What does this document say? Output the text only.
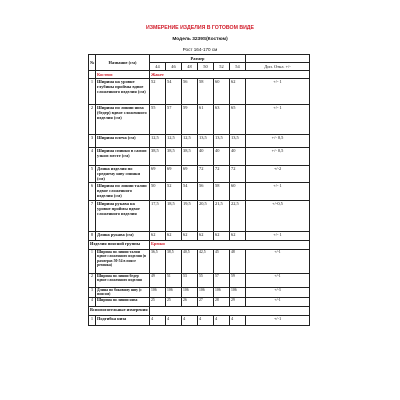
ИЗМЕРЕНИЕ ИЗДЕЛИЯ В ГОТОВОМ ВИДЕ
Модель 3239S(Костюм)
Рост 164-170 см
№	Название (см)	Размер						
		44	46	48	50	52	54	Доп. Откл. +/-
	Костюм	Жакет						
1	Ширина на уровне глубины проймы вдвое сложенного изделия (см)	52	54	56	58	60	62	+/- 1
2	Ширина по линии низа (бедер) вдвое сложенного изделия (см)	55	57	59	61	63	65	+/- 1
3	Ширина плеча (см)	12,5	12,5	12,5	13,5	13,5	13,5	+/- 0,5
4	Ширина спинки в самом узком месте (см)	38,5	38,5	38,5	40	40	40	+/- 0,5
5	Длина изделия по среднему шву спинки (см)	69	69	69	72	72	72	+/-2
6	Ширина по линии талии вдвое сложенного изделия (см)	50	52	54	56	58	60	+/- 1
7	Ширина рукава на уровне проймы вдвое сложенного изделия	17,5	18,5	19,5	20,5	21,5	22,5	+/-0,5
8	Длина рукава (см)	62	62	62	62	62	62	+/- 1
Изделия поясной группы		Брюки						
1	Ширина по линии талии вдвое сложенного изделия (в размерах 50-54 в поясе резинка)	36,5	38,5	40,5	42,5	45	48	+/-1
2	Ширина по линии бедер вдвое сложенного изделия	49	51	53	55	57	59	+/-1
3	Длина по боковому шву (с поясом)	106	106	106	106	106	106	+/-3
4	Ширина по линии низа	25	25	26	27	28	29	+/-1
Вспомогательные измерения								
1	Подгибка низа	4	4	4	4	4	4	+/-1
